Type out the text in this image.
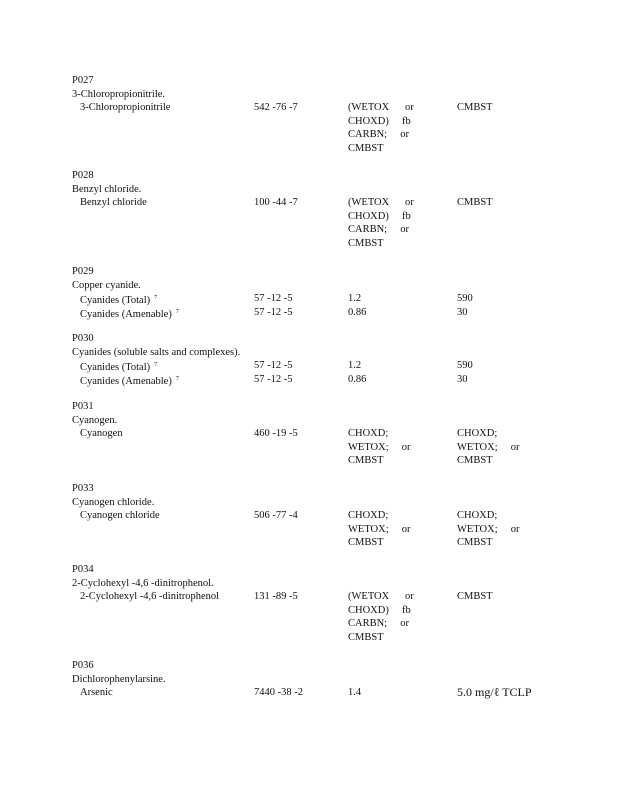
P027
3-Chloropropionitrile.
3-Chloropropionitrile	542 -76 -7	(WETOX      or	CMBST
CHOXD)     fb
CARBN;     or
CMBST
P028
Benzyl chloride.
Benzyl chloride	100 -44 -7	(WETOX      or	CMBST
CHOXD)     fb
CARBN;     or
CMBST
P029
Copper cyanide.
Cyanides (Total) $^7$	57 -12 -5	1.2	590
Cyanides (Amenable) $^7$	57 -12 -5	0.86	30
P030
Cyanides (soluble salts and complexes).
Cyanides (Total) $^7$	57 -12 -5	1.2	590
Cyanides (Amenable) $^7$	57 -12 -5	0.86	30
P031
Cyanogen.
Cyanogen	460 -19 -5	CHOXD;	CHOXD;
WETOX;     or	WETOX;     or
CMBST	CMBST
P033
Cyanogen chloride.
Cyanogen chloride	506 -77 -4	CHOXD;	CHOXD;
WETOX;     or	WETOX;     or
CMBST	CMBST
P034
2-Cyclohexyl -4,6 -dinitrophenol.
2-Cyclohexyl -4,6 -dinitrophenol	131 -89 -5	(WETOX      or	CMBST
CHOXD)     fb
CARBN;     or
CMBST
P036
Dichlorophenylarsine.
Arsenic	7440 -38 -2	1.4	5.0 mg/ℓ TCLP
